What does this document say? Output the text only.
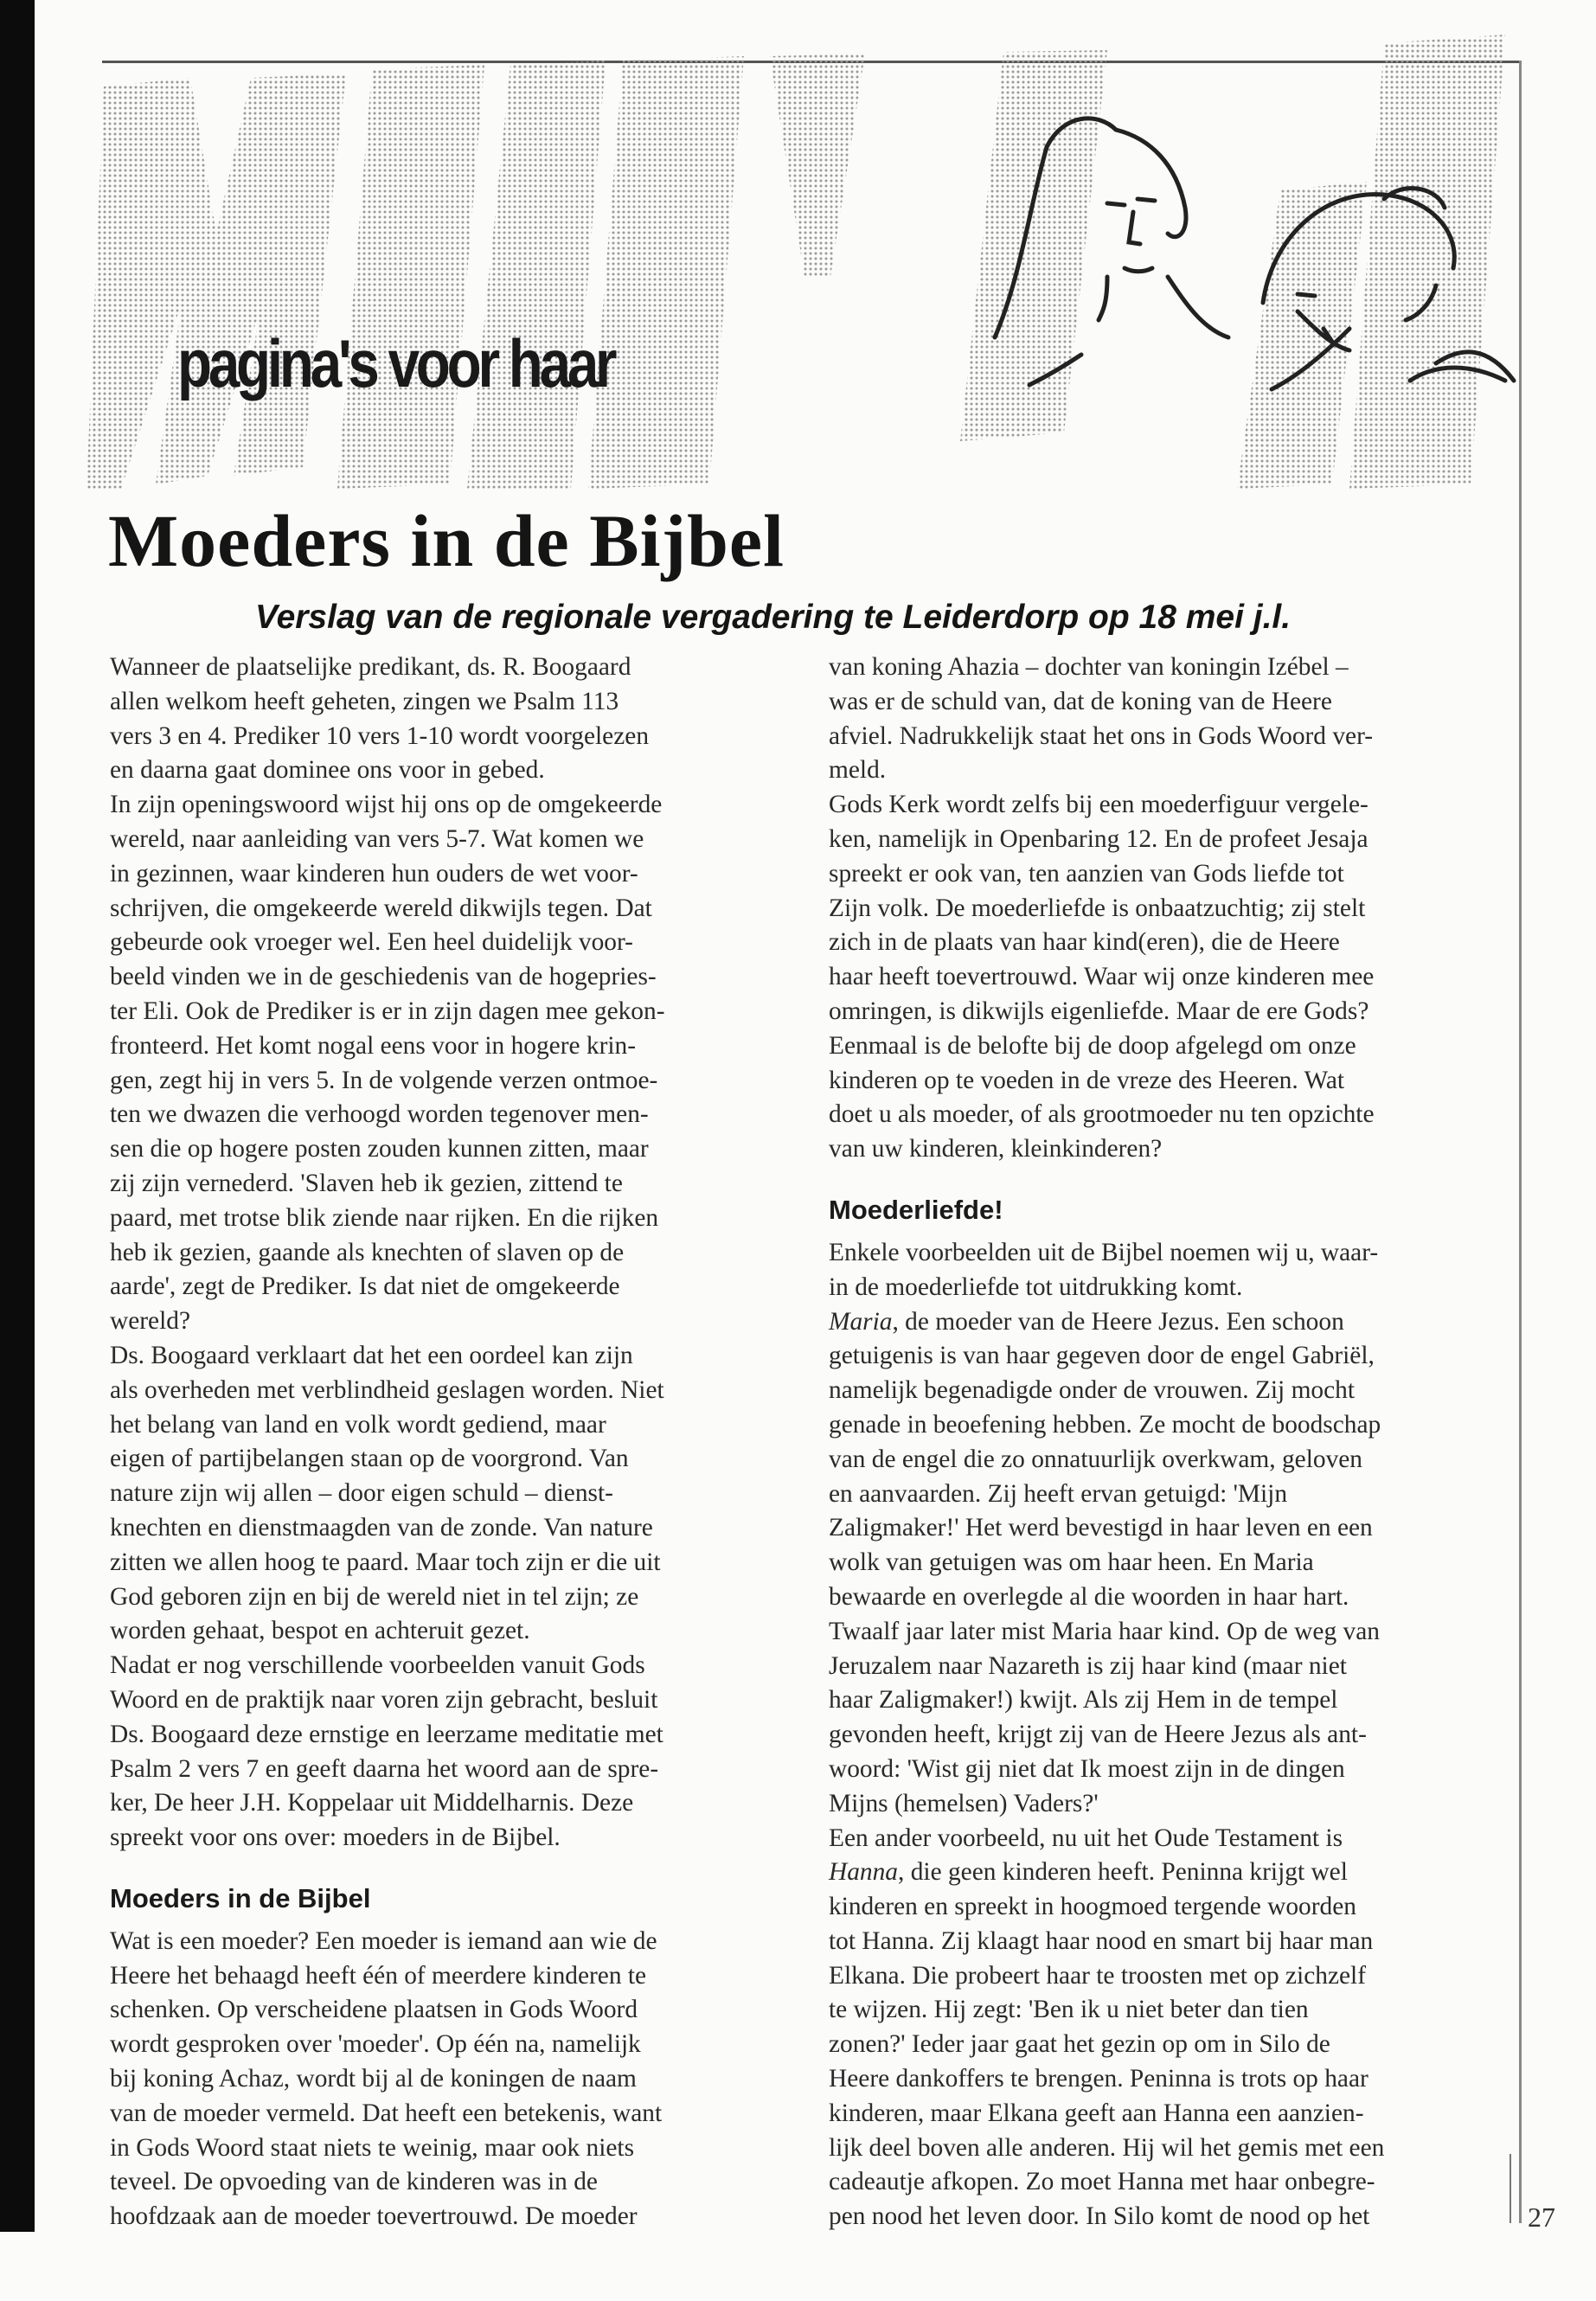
pagina's voor haar
Moeders in de Bijbel
Verslag van de regionale vergadering te Leiderdorp op 18 mei j.l.
Wanneer de plaatselijke predikant, ds. R. Boogaard
allen welkom heeft geheten, zingen we Psalm 113
vers 3 en 4. Prediker 10 vers 1-10 wordt voorgelezen
en daarna gaat dominee ons voor in gebed.
In zijn openingswoord wijst hij ons op de omgekeerde
wereld, naar aanleiding van vers 5-7. Wat komen we
in gezinnen, waar kinderen hun ouders de wet voor-
schrijven, die omgekeerde wereld dikwijls tegen. Dat
gebeurde ook vroeger wel. Een heel duidelijk voor-
beeld vinden we in de geschiedenis van de hogepries-
ter Eli. Ook de Prediker is er in zijn dagen mee gekon-
fronteerd. Het komt nogal eens voor in hogere krin-
gen, zegt hij in vers 5. In de volgende verzen ontmoe-
ten we dwazen die verhoogd worden tegenover men-
sen die op hogere posten zouden kunnen zitten, maar
zij zijn vernederd. 'Slaven heb ik gezien, zittend te
paard, met trotse blik ziende naar rijken. En die rijken
heb ik gezien, gaande als knechten of slaven op de
aarde', zegt de Prediker. Is dat niet de omgekeerde
wereld?
Ds. Boogaard verklaart dat het een oordeel kan zijn
als overheden met verblindheid geslagen worden. Niet
het belang van land en volk wordt gediend, maar
eigen of partijbelangen staan op de voorgrond. Van
nature zijn wij allen – door eigen schuld – dienst-
knechten en dienstmaagden van de zonde. Van nature
zitten we allen hoog te paard. Maar toch zijn er die uit
God geboren zijn en bij de wereld niet in tel zijn; ze
worden gehaat, bespot en achteruit gezet.
Nadat er nog verschillende voorbeelden vanuit Gods
Woord en de praktijk naar voren zijn gebracht, besluit
Ds. Boogaard deze ernstige en leerzame meditatie met
Psalm 2 vers 7 en geeft daarna het woord aan de spre-
ker, De heer J.H. Koppelaar uit Middelharnis. Deze
spreekt voor ons over: moeders in de Bijbel.
Moeders in de Bijbel
Wat is een moeder? Een moeder is iemand aan wie de
Heere het behaagd heeft één of meerdere kinderen te
schenken. Op verscheidene plaatsen in Gods Woord
wordt gesproken over 'moeder'. Op één na, namelijk
bij koning Achaz, wordt bij al de koningen de naam
van de moeder vermeld. Dat heeft een betekenis, want
in Gods Woord staat niets te weinig, maar ook niets
teveel. De opvoeding van de kinderen was in de
hoofdzaak aan de moeder toevertrouwd. De moeder
van koning Ahazia – dochter van koningin Izébel –
was er de schuld van, dat de koning van de Heere
afviel. Nadrukkelijk staat het ons in Gods Woord ver-
meld.
Gods Kerk wordt zelfs bij een moederfiguur vergele-
ken, namelijk in Openbaring 12. En de profeet Jesaja
spreekt er ook van, ten aanzien van Gods liefde tot
Zijn volk. De moederliefde is onbaatzuchtig; zij stelt
zich in de plaats van haar kind(eren), die de Heere
haar heeft toevertrouwd. Waar wij onze kinderen mee
omringen, is dikwijls eigenliefde. Maar de ere Gods?
Eenmaal is de belofte bij de doop afgelegd om onze
kinderen op te voeden in de vreze des Heeren. Wat
doet u als moeder, of als grootmoeder nu ten opzichte
van uw kinderen, kleinkinderen?
Moederliefde!
Enkele voorbeelden uit de Bijbel noemen wij u, waar-
in de moederliefde tot uitdrukking komt.
Maria, de moeder van de Heere Jezus. Een schoon
getuigenis is van haar gegeven door de engel Gabriël,
namelijk begenadigde onder de vrouwen. Zij mocht
genade in beoefening hebben. Ze mocht de boodschap
van de engel die zo onnatuurlijk overkwam, geloven
en aanvaarden. Zij heeft ervan getuigd: 'Mijn
Zaligmaker!' Het werd bevestigd in haar leven en een
wolk van getuigen was om haar heen. En Maria
bewaarde en overlegde al die woorden in haar hart.
Twaalf jaar later mist Maria haar kind. Op de weg van
Jeruzalem naar Nazareth is zij haar kind (maar niet
haar Zaligmaker!) kwijt. Als zij Hem in de tempel
gevonden heeft, krijgt zij van de Heere Jezus als ant-
woord: 'Wist gij niet dat Ik moest zijn in de dingen
Mijns (hemelsen) Vaders?'
Een ander voorbeeld, nu uit het Oude Testament is
Hanna, die geen kinderen heeft. Peninna krijgt wel
kinderen en spreekt in hoogmoed tergende woorden
tot Hanna. Zij klaagt haar nood en smart bij haar man
Elkana. Die probeert haar te troosten met op zichzelf
te wijzen. Hij zegt: 'Ben ik u niet beter dan tien
zonen?' Ieder jaar gaat het gezin op om in Silo de
Heere dankoffers te brengen. Peninna is trots op haar
kinderen, maar Elkana geeft aan Hanna een aanzien-
lijk deel boven alle anderen. Hij wil het gemis met een
cadeautje afkopen. Zo moet Hanna met haar onbegre-
pen nood het leven door. In Silo komt de nood op het	27
